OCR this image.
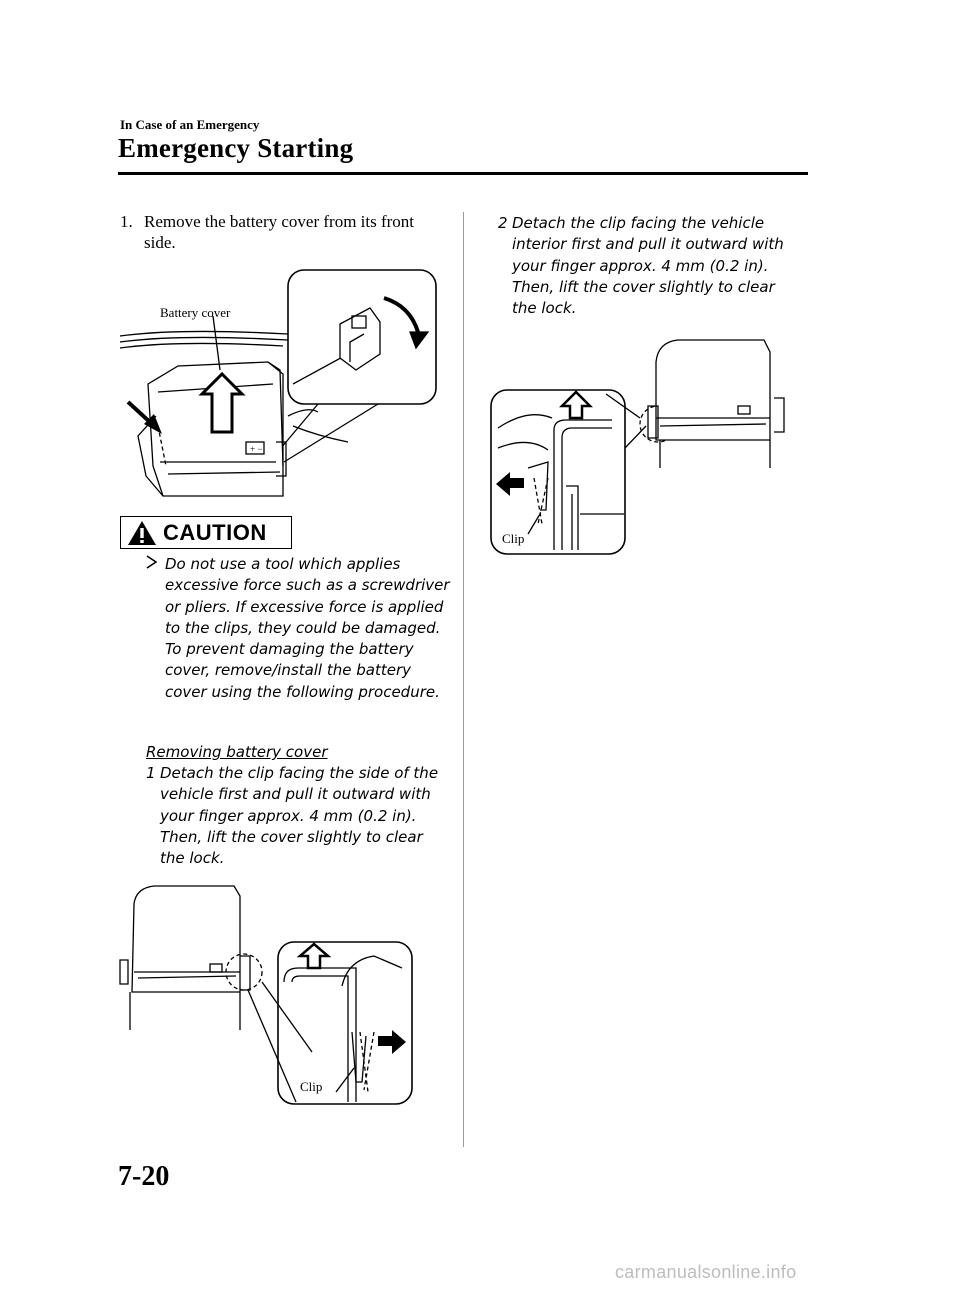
In Case of an Emergency
Emergency Starting
1. Remove the battery cover from its front
side.
+ −
Battery cover
CAUTION
Do not use a tool which applies excessive force such as a screwdriver or pliers. If excessive force is applied to the clips, they could be damaged. To prevent damaging the battery cover, remove/install the battery cover using the following procedure.
Removing battery cover
1 Detach the clip facing the side of the vehicle first and pull it outward with your finger approx. 4 mm (0.2 in). Then, lift the cover slightly to clear the lock.
2 Detach the clip facing the vehicle interior first and pull it outward with your finger approx. 4 mm (0.2 in). Then, lift the cover slightly to clear the lock.
Clip
Clip
7-20
carmanualsonline.info
